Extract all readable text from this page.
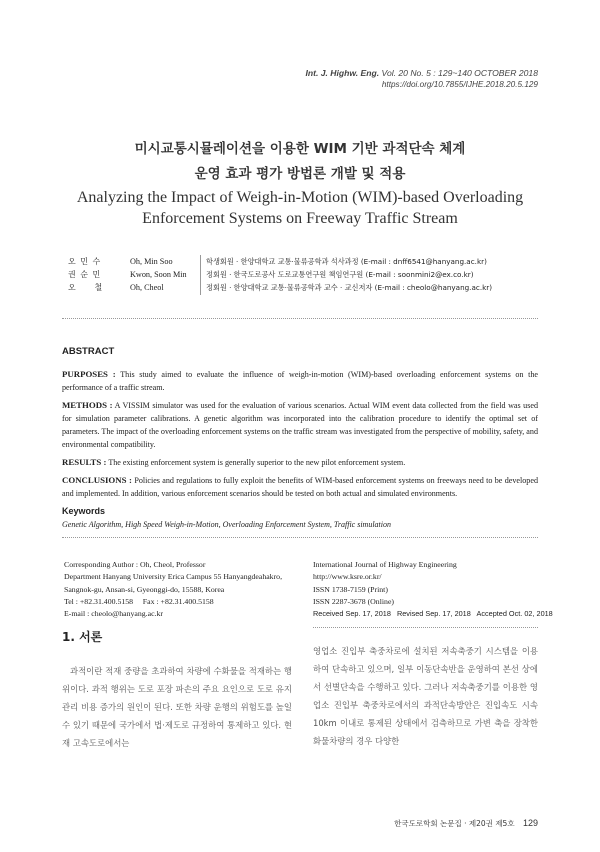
Int. J. Highw. Eng. Vol. 20 No. 5 : 129~140 OCTOBER 2018
https://doi.org/10.7855/IJHE.2018.20.5.129
미시교통시뮬레이션을 이용한 WIM 기반 과적단속 체계
운영 효과 평가 방법론 개발 및 적용
Analyzing the Impact of Weigh-in-Motion (WIM)-based Overloading
Enforcement Systems on Freeway Traffic Stream
오 민 수	Oh, Min Soo	학생회원 · 한양대학교 교통·물류공학과 석사과정 (E-mail : dnff6541@hanyang.ac.kr)
권 순 민	Kwon, Soon Min	정회원 · 한국도로공사 도로교통연구원 책임연구원 (E-mail : soonmini2@ex.co.kr)
오     철	Oh, Cheol	정회원 · 한양대학교 교통·물류공학과 교수 · 교신저자 (E-mail : cheolo@hanyang.ac.kr)
ABSTRACT

PURPOSES : This study aimed to evaluate the influence of weigh-in-motion (WIM)-based overloading enforcement systems on the performance of a traffic stream.

METHODS : A VISSIM simulator was used for the evaluation of various scenarios. Actual WIM event data collected from the field was used for simulation parameter calibrations. A genetic algorithm was incorporated into the calibration procedure to identify the optimal set of parameters. The impact of the overloading enforcement systems on the traffic stream was investigated from the perspective of mobility, safety, and environmental compatibility.

RESULTS : The existing enforcement system is generally superior to the new pilot enforcement system.

CONCLUSIONS : Policies and regulations to fully exploit the benefits of WIM-based enforcement systems on freeways need to be developed and implemented. In addition, various enforcement scenarios should be tested on both actual and simulated environments.

Keywords
Genetic Algorithm, High Speed Weigh-in-Motion, Overloading Enforcement System, Traffic simulation
Corresponding Author : Oh, Cheol, Professor
Department Hanyang University Erica Campus 55 Hanyangdeahakro,
Sangnok-gu, Ansan-si, Gyeonggi-do, 15588, Korea
Tel : +82.31.400.5158     Fax : +82.31.400.5158
E-mail : cheolo@hanyang.ac.kr
International Journal of Highway Engineering
http://www.ksre.or.kr/
ISSN 1738-7159 (Print)
ISSN 2287-3678 (Online)
Received Sep. 17, 2018   Revised Sep. 17, 2018   Accepted Oct. 02, 2018
1. 서론
과적이란 적재 중량을 초과하여 차량에 수화물을 적재하는 행위이다. 과적 행위는 도로 포장 파손의 주요 요인으로 도로 유지관리 비용 증가의 원인이 된다. 또한 차량 운행의 위험도를 높일 수 있기 때문에 국가에서 법·제도로 규정하여 통제하고 있다. 현재 고속도로에서는
영업소 진입부 축중차로에 설치된 저속축중기 시스템을 이용하여 단속하고 있으며, 일부 이동단속반을 운영하여 본선 상에서 선별단속을 수행하고 있다. 그러나 저속축중기를 이용한 영업소 진입부 축중차로에서의 과적단속방안은 진입속도 시속 10km 이내로 통제된 상태에서 검측하므로 가변 축을 장착한 화물차량의 경우 다양한
한국도로학회 논문집 · 제20권 제5호 129
